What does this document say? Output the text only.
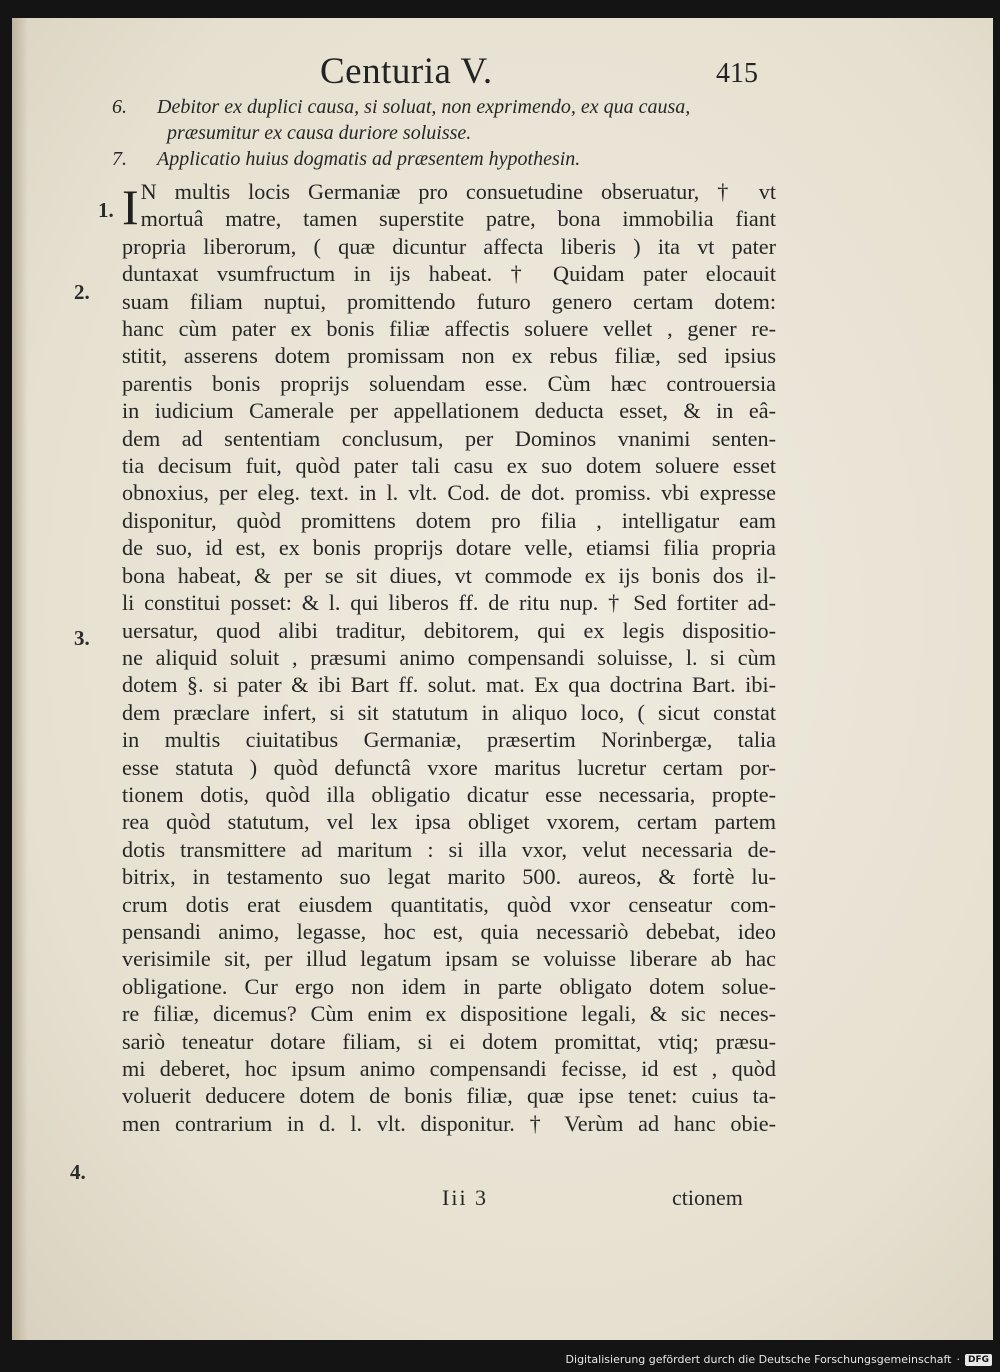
Centuria V.	415
6.	Debitor ex duplici causa, si soluat, non exprimendo, ex qua causa,
præsumitur ex causa duriore soluisse.
7.	Applicatio huius dogmatis ad præsentem hypothesin.
1.
2.
3.
4.
I N multis locis Germaniæ pro consuetudine obseruatur, † vt
mortuâ matre, tamen superstite patre, bona immobilia fiant
propria liberorum, ( quæ dicuntur affecta liberis ) ita vt pater
duntaxat vsumfructum in ijs habeat. † Quidam pater elocauit
suam filiam nuptui, promittendo futuro genero certam dotem:
hanc cùm pater ex bonis filiæ affectis soluere vellet , gener re-
stitit, asserens dotem promissam non ex rebus filiæ, sed ipsius
parentis bonis proprijs soluendam esse. Cùm hæc controuersia
in iudicium Camerale per appellationem deducta esset, & in eâ-
dem ad sententiam conclusum, per Dominos vnanimi senten-
tia decisum fuit, quòd pater tali casu ex suo dotem soluere esset
obnoxius, per eleg. text. in l. vlt. Cod. de dot. promiss. vbi expresse
disponitur, quòd promittens dotem pro filia , intelligatur eam
de suo, id est, ex bonis proprijs dotare velle, etiamsi filia propria
bona habeat, & per se sit diues, vt commode ex ijs bonis dos il-
li constitui posset: & l. qui liberos ff. de ritu nup. † Sed fortiter ad-
uersatur, quod alibi traditur, debitorem, qui ex legis dispositio-
ne aliquid soluit , præsumi animo compensandi soluisse, l. si cùm
dotem §. si pater & ibi Bart ff. solut. mat. Ex qua doctrina Bart. ibi-
dem præclare infert, si sit statutum in aliquo loco, ( sicut constat
in multis ciuitatibus Germaniæ, præsertim Norinbergæ, talia
esse statuta ) quòd defunctâ vxore maritus lucretur certam por-
tionem dotis, quòd illa obligatio dicatur esse necessaria, propte-
rea quòd statutum, vel lex ipsa obliget vxorem, certam partem
dotis transmittere ad maritum : si illa vxor, velut necessaria de-
bitrix, in testamento suo legat marito 500. aureos, & fortè lu-
crum dotis erat eiusdem quantitatis, quòd vxor censeatur com-
pensandi animo, legasse, hoc est, quia necessariò debebat, ideo
verisimile sit, per illud legatum ipsam se voluisse liberare ab hac
obligatione. Cur ergo non idem in parte obligato dotem solue-
re filiæ, dicemus? Cùm enim ex dispositione legali, & sic neces-
sariò teneatur dotare filiam, si ei dotem promittat, vtiq; præsu-
mi deberet, hoc ipsum animo compensandi fecisse, id est , quòd
voluerit deducere dotem de bonis filiæ, quæ ipse tenet: cuius ta-
men contrarium in d. l. vlt. disponitur. † Verùm ad hanc obie-
Iii 3	ctionem
Digitalisierung gefördert durch die Deutsche Forschungsgemeinschaft · DFG
